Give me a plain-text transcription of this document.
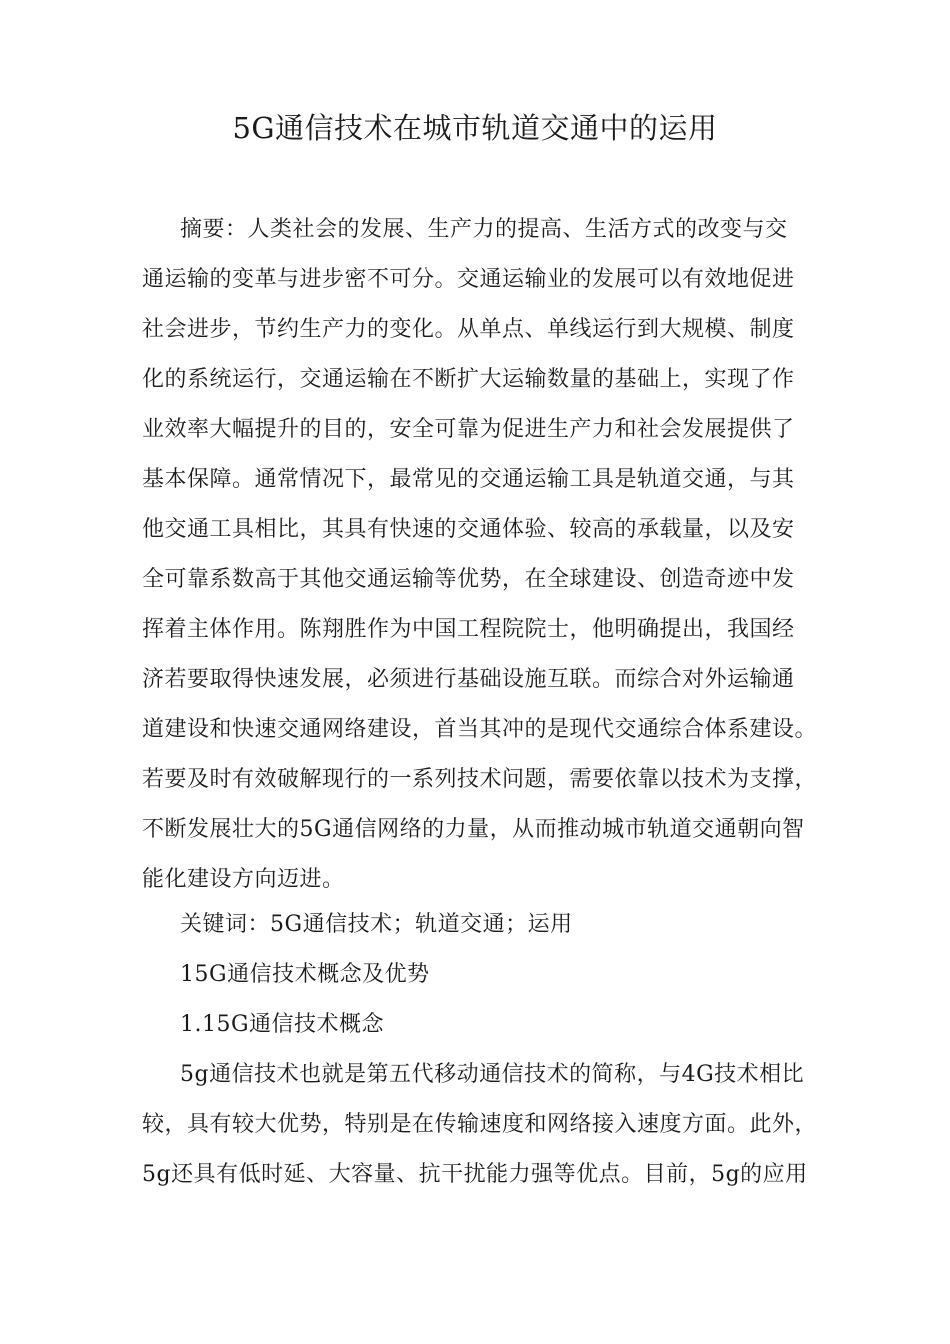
5G通信技术在城市轨道交通中的运用
摘要：人类社会的发展、生产力的提高、生活方式的改变与交
通运输的变革与进步密不可分。交通运输业的发展可以有效地促进
社会进步，节约生产力的变化。从单点、单线运行到大规模、制度
化的系统运行，交通运输在不断扩大运输数量的基础上，实现了作
业效率大幅提升的目的，安全可靠为促进生产力和社会发展提供了
基本保障。通常情况下，最常见的交通运输工具是轨道交通，与其
他交通工具相比，其具有快速的交通体验、较高的承载量，以及安
全可靠系数高于其他交通运输等优势，在全球建设、创造奇迹中发
挥着主体作用。陈翔胜作为中国工程院院士，他明确提出，我国经
济若要取得快速发展，必须进行基础设施互联。而综合对外运输通
道建设和快速交通网络建设，首当其冲的是现代交通综合体系建设。
若要及时有效破解现行的一系列技术问题，需要依靠以技术为支撑，
不断发展壮大的5G通信网络的力量，从而推动城市轨道交通朝向智
能化建设方向迈进。
关键词：5G通信技术；轨道交通；运用
15G通信技术概念及优势
1.15G通信技术概念
5g通信技术也就是第五代移动通信技术的简称，与4G技术相比
较，具有较大优势，特别是在传输速度和网络接入速度方面。此外，
5g还具有低时延、大容量、抗干扰能力强等优点。目前，5g的应用
